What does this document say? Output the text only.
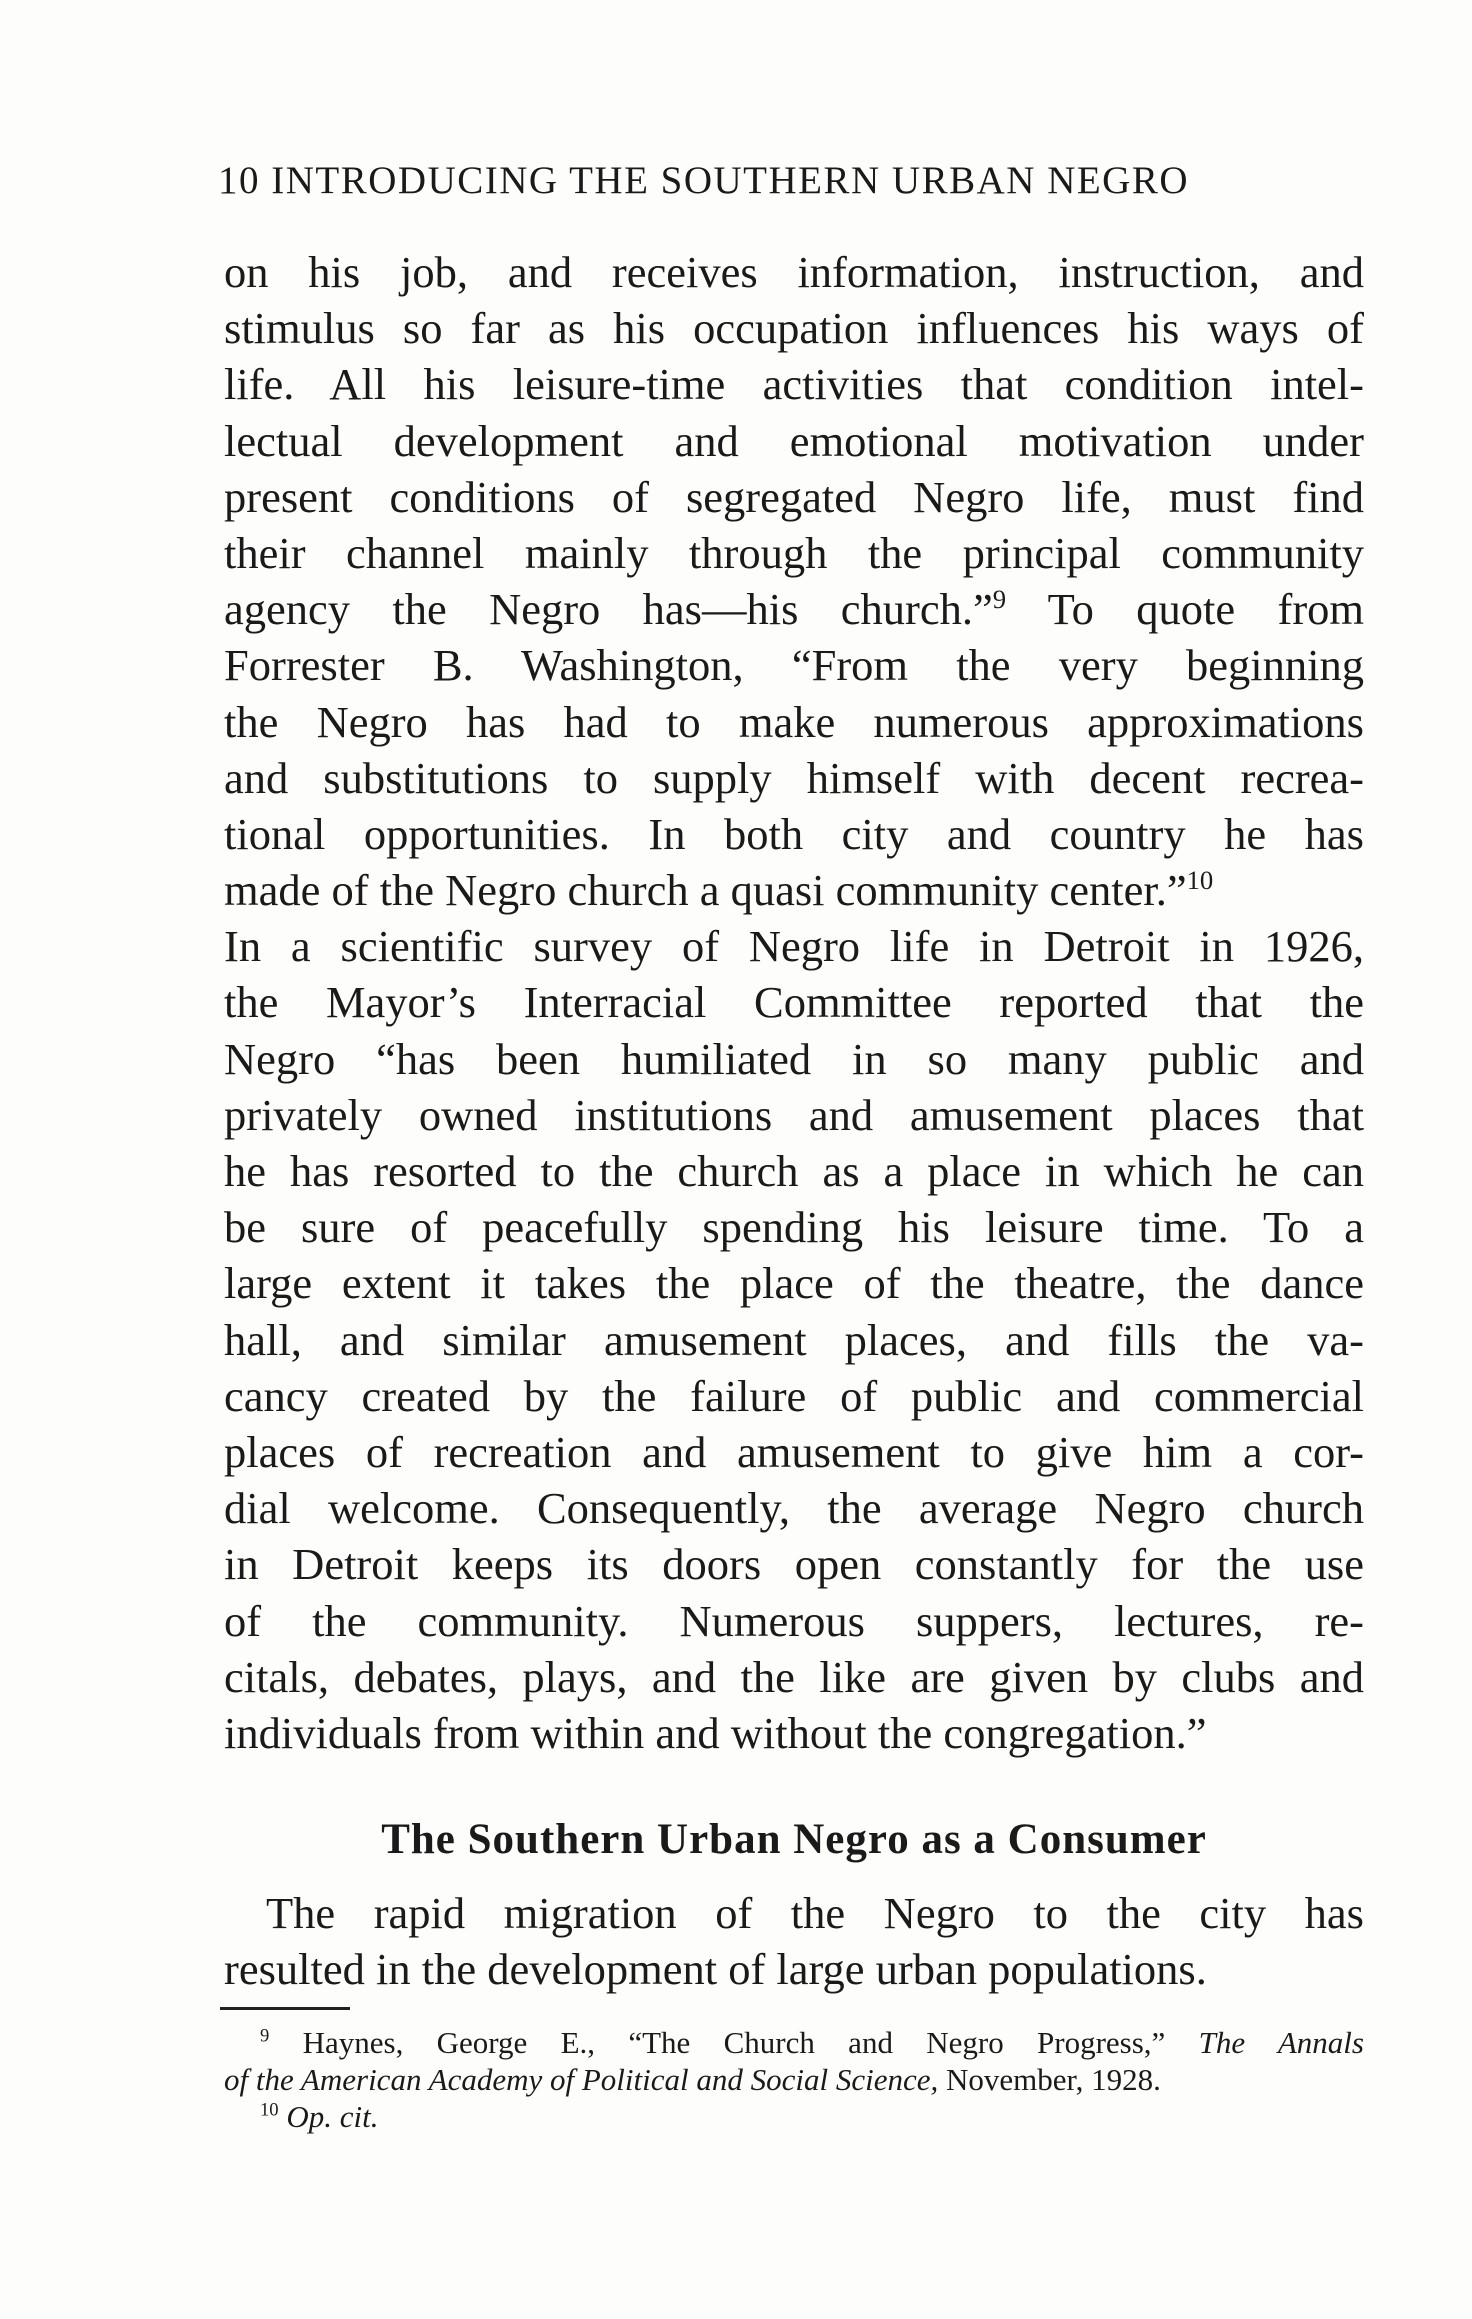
10 INTRODUCING THE SOUTHERN URBAN NEGRO
on his job, and receives information, instruction, and
stimulus so far as his occupation influences his ways of
life. All his leisure-time activities that condition intel-
lectual development and emotional motivation under
present conditions of segregated Negro life, must find
their channel mainly through the principal community
agency the Negro has—his church.”$^9$ To quote from
Forrester B. Washington, “From the very beginning
the Negro has had to make numerous approximations
and substitutions to supply himself with decent recrea-
tional opportunities. In both city and country he has
made of the Negro church a quasi community center.”$^{10}$
In a scientific survey of Negro life in Detroit in 1926,
the Mayor’s Interracial Committee reported that the
Negro “has been humiliated in so many public and
privately owned institutions and amusement places that
he has resorted to the church as a place in which he can
be sure of peacefully spending his leisure time. To a
large extent it takes the place of the theatre, the dance
hall, and similar amusement places, and fills the va-
cancy created by the failure of public and commercial
places of recreation and amusement to give him a cor-
dial welcome. Consequently, the average Negro church
in Detroit keeps its doors open constantly for the use
of the community. Numerous suppers, lectures, re-
citals, debates, plays, and the like are given by clubs and
individuals from within and without the congregation.”
The Southern Urban Negro as a Consumer
The rapid migration of the Negro to the city has
resulted in the development of large urban populations.
$^9$ Haynes, George E., “The Church and Negro Progress,” The Annals
of the American Academy of Political and Social Science, November, 1928.
$^{10}$ Op. cit.
